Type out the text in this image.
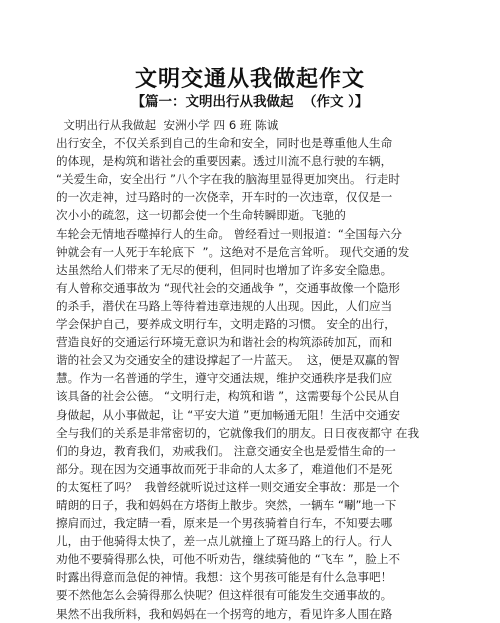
文明交通从我做起作文
【篇一：文明出行从我做起  （作文 ）】
文明出行从我做起  安洲小学 四 6 班 陈诚
出行安全，不仅关系到自己的生命和安全，同时也是尊重他人生命
的体现，是构筑和谐社会的重要因素。透过川流不息行驶的车辆，
“关爱生命，安全出行 ”八个字在我的脑海里显得更加突出。 行走时
的一次走神，过马路时的一次侥幸，开车时的一次违章，仅仅是一
次小小的疏忽，这一切都会使一个生命转瞬即逝。飞驰的
车轮会无情地吞噬掉行人的生命。 曾经看过一则报道：“全国每六分
钟就会有一人死于车轮底下  ”。这绝对不是危言耸听。 现代交通的发
达虽然给人们带来了无尽的便利，但同时也增加了许多安全隐患。
有人曾称交通事故为 “现代社会的交通战争 ”，交通事故像一个隐形
的杀手，潜伏在马路上等待着违章违规的人出现。因此，人们应当
学会保护自己，要养成文明行车，文明走路的习惯。 安全的出行，
营造良好的交通运行环境无意识为和谐社会的构筑添砖加瓦，而和
谐的社会又为交通安全的建设撑起了一片蓝天。  这，便是双赢的智
慧。作为一名普通的学生，遵守交通法规，维护交通秩序是我们应
该具备的社会公德。 “文明行走，构筑和谐 ”，这需要每个公民从自
身做起，从小事做起，让 “平安大道 ”更加畅通无阻！生活中交通安
全与我们的关系是非常密切的，它就像我们的朋友。日日夜夜都守 在我
们的身边，教育我们，劝戒我们。 注意交通安全也是爱惜生命的一
部分。现在因为交通事故而死于非命的人太多了，难道他们不是死
的太冤枉了吗？  我曾经就听说过这样一则交通安全事故：那是一个
晴朗的日子，我和妈妈在方塔街上散步。突然，一辆车 “唰”地一下
擦肩而过，我定睛一看，原来是一个男孩骑着自行车，不知要去哪
儿，由于他骑得太快了，差一点儿就撞上了斑马路上的行人。行人
劝他不要骑得那么快，可他不听劝告，继续骑他的 “飞车 ”，脸上不
时露出得意而急促的神情。我想：这个男孩可能是有什么急事吧！
要不然他怎么会骑得那么快呢？但这样很有可能发生交通事故的。
果然不出我所料，我和妈妈在一个拐弯的地方，看见许多人围在路
